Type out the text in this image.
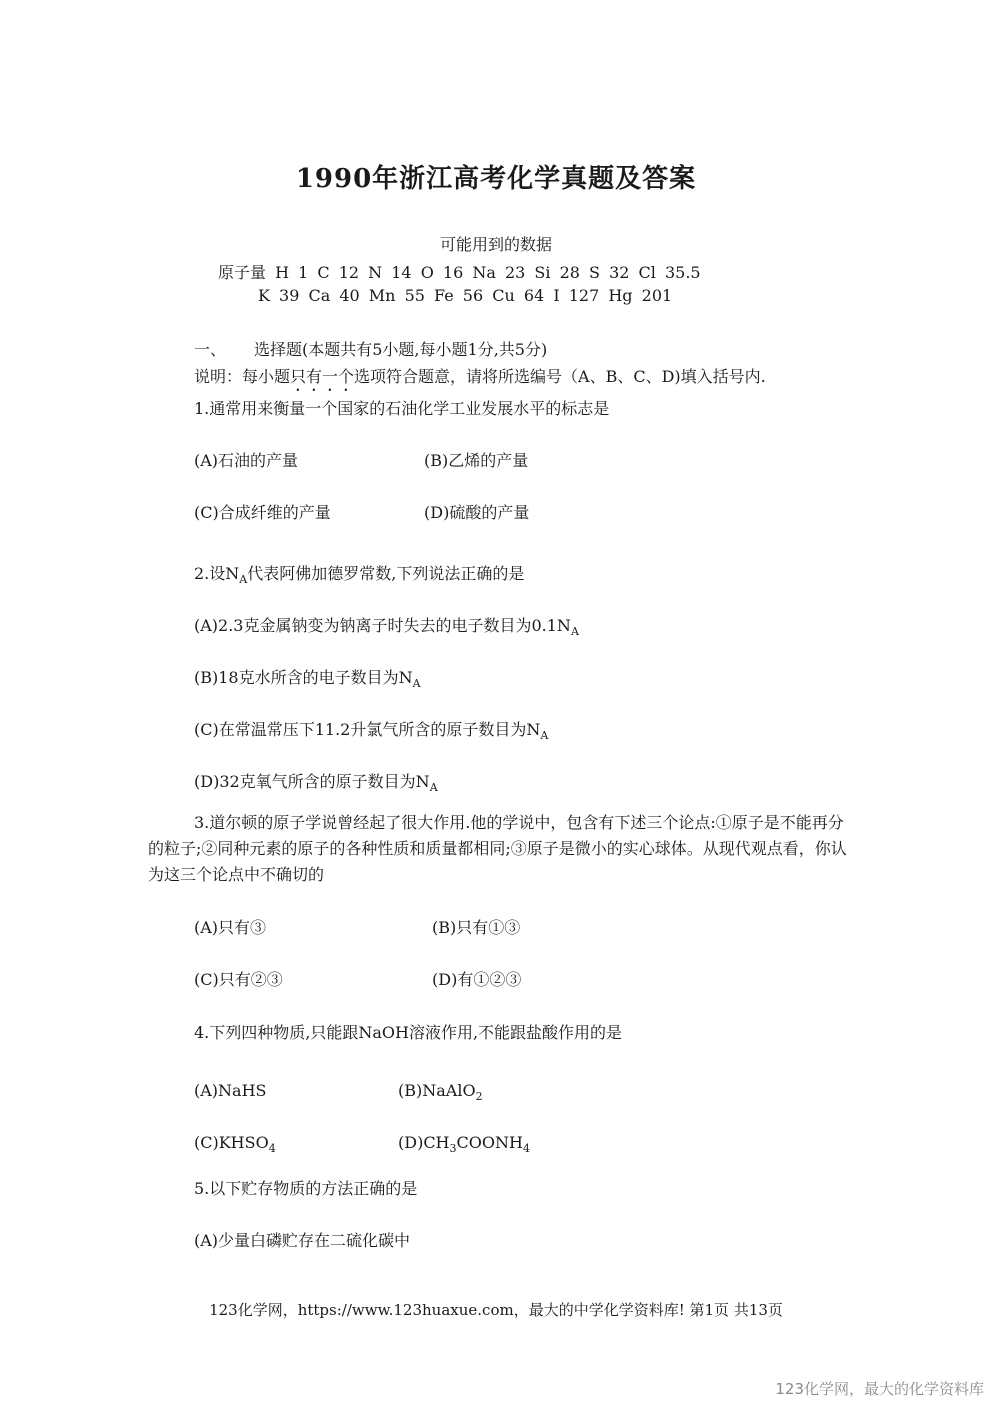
1990年浙江高考化学真题及答案
可能用到的数据
原子量 H 1 C 12 N 14 O 16 Na 23 Si 28 S 32 Cl 35.5
K 39 Ca 40 Mn 55 Fe 56 Cu 64 I 127 Hg 201
一、 选择题(本题共有5小题,每小题1分,共5分)
说明：每小题只有一个选项符合题意，请将所选编号（A、B、C、D)填入括号内.
1.通常用来衡量一个国家的石油化学工业发展水平的标志是
(A)石油的产量	(B)乙烯的产量
(C)合成纤维的产量	(D)硫酸的产量
2.设$N_A$代表阿佛加德罗常数,下列说法正确的是
(A)2.3克金属钠变为钠离子时失去的电子数目为$0.1N_A$
(B)18克水所含的电子数目为$N_A$
(C)在常温常压下11.2升氯气所含的原子数目为$N_A$
(D)32克氧气所含的原子数目为$N_A$
3.道尔顿的原子学说曾经起了很大作用.他的学说中，包含有下述三个论点:①原子是不能再分的粒子;②同种元素的原子的各种性质和质量都相同;③原子是微小的实心球体。从现代观点看，你认为这三个论点中不确切的
(A)只有③	(B)只有①③
(C)只有②③	(D)有①②③
4.下列四种物质,只能跟NaOH溶液作用,不能跟盐酸作用的是
(A)NaHS	(B)NaAlO$_2$
$(C)KHSO_4$	$(D)CH_3COONH_4$
5.以下贮存物质的方法正确的是
(A)少量白磷贮存在二硫化碳中
123化学网，https://www.123huaxue.com，最大的中学化学资料库! 第1页 共13页
123化学网，最大的化学资料库
